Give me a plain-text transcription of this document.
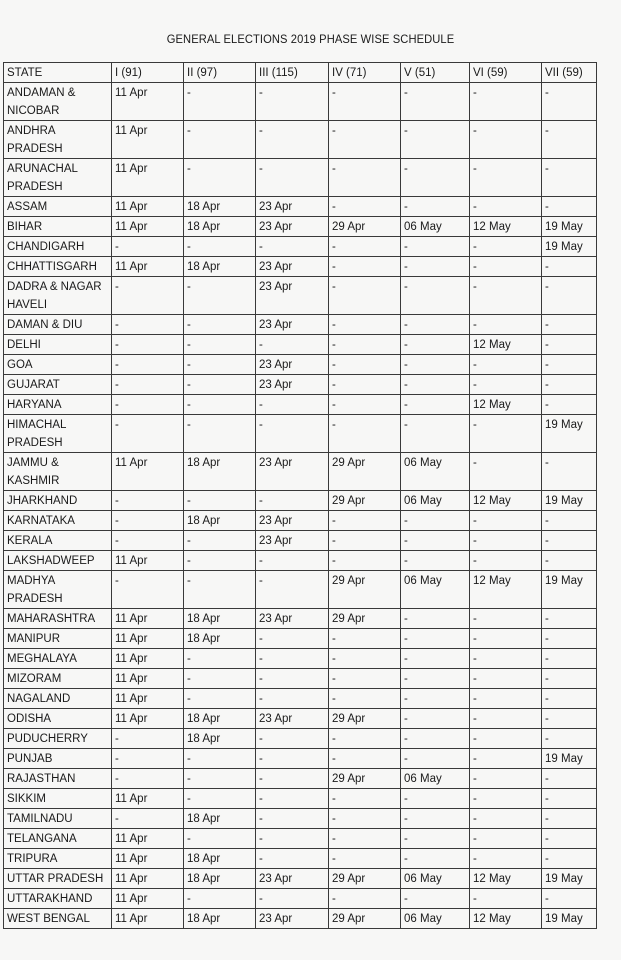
GENERAL ELECTIONS 2019 PHASE WISE SCHEDULE
STATE	I (91)	II (97)	III (115)	IV (71)	V (51)	VI (59)	VII (59)
ANDAMAN & NICOBAR	11 Apr	-	-	-	-	-	-
ANDHRA PRADESH	11 Apr	-	-	-	-	-	-
ARUNACHAL PRADESH	11 Apr	-	-	-	-	-	-
ASSAM	11 Apr	18 Apr	23 Apr	-	-	-	-
BIHAR	11 Apr	18 Apr	23 Apr	29 Apr	06 May	12 May	19 May
CHANDIGARH	-	-	-	-	-	-	19 May
CHHATTISGARH	11 Apr	18 Apr	23 Apr	-	-	-	-
DADRA & NAGAR HAVELI	-	-	23 Apr	-	-	-	-
DAMAN & DIU	-	-	23 Apr	-	-	-	-
DELHI	-	-	-	-	-	12 May	-
GOA	-	-	23 Apr	-	-	-	-
GUJARAT	-	-	23 Apr	-	-	-	-
HARYANA	-	-	-	-	-	12 May	-
HIMACHAL PRADESH	-	-	-	-	-	-	19 May
JAMMU & KASHMIR	11 Apr	18 Apr	23 Apr	29 Apr	06 May	-	-
JHARKHAND	-	-	-	29 Apr	06 May	12 May	19 May
KARNATAKA	-	18 Apr	23 Apr	-	-	-	-
KERALA	-	-	23 Apr	-	-	-	-
LAKSHADWEEP	11 Apr	-	-	-	-	-	-
MADHYA PRADESH	-	-	-	29 Apr	06 May	12 May	19 May
MAHARASHTRA	11 Apr	18 Apr	23 Apr	29 Apr	-	-	-
MANIPUR	11 Apr	18 Apr	-	-	-	-	-
MEGHALAYA	11 Apr	-	-	-	-	-	-
MIZORAM	11 Apr	-	-	-	-	-	-
NAGALAND	11 Apr	-	-	-	-	-	-
ODISHA	11 Apr	18 Apr	23 Apr	29 Apr	-	-	-
PUDUCHERRY	-	18 Apr	-	-	-	-	-
PUNJAB	-	-	-	-	-	-	19 May
RAJASTHAN	-	-	-	29 Apr	06 May	-	-
SIKKIM	11 Apr	-	-	-	-	-	-
TAMILNADU	-	18 Apr	-	-	-	-	-
TELANGANA	11 Apr	-	-	-	-	-	-
TRIPURA	11 Apr	18 Apr	-	-	-	-	-
UTTAR PRADESH	11 Apr	18 Apr	23 Apr	29 Apr	06 May	12 May	19 May
UTTARAKHAND	11 Apr	-	-	-	-	-	-
WEST BENGAL	11 Apr	18 Apr	23 Apr	29 Apr	06 May	12 May	19 May
